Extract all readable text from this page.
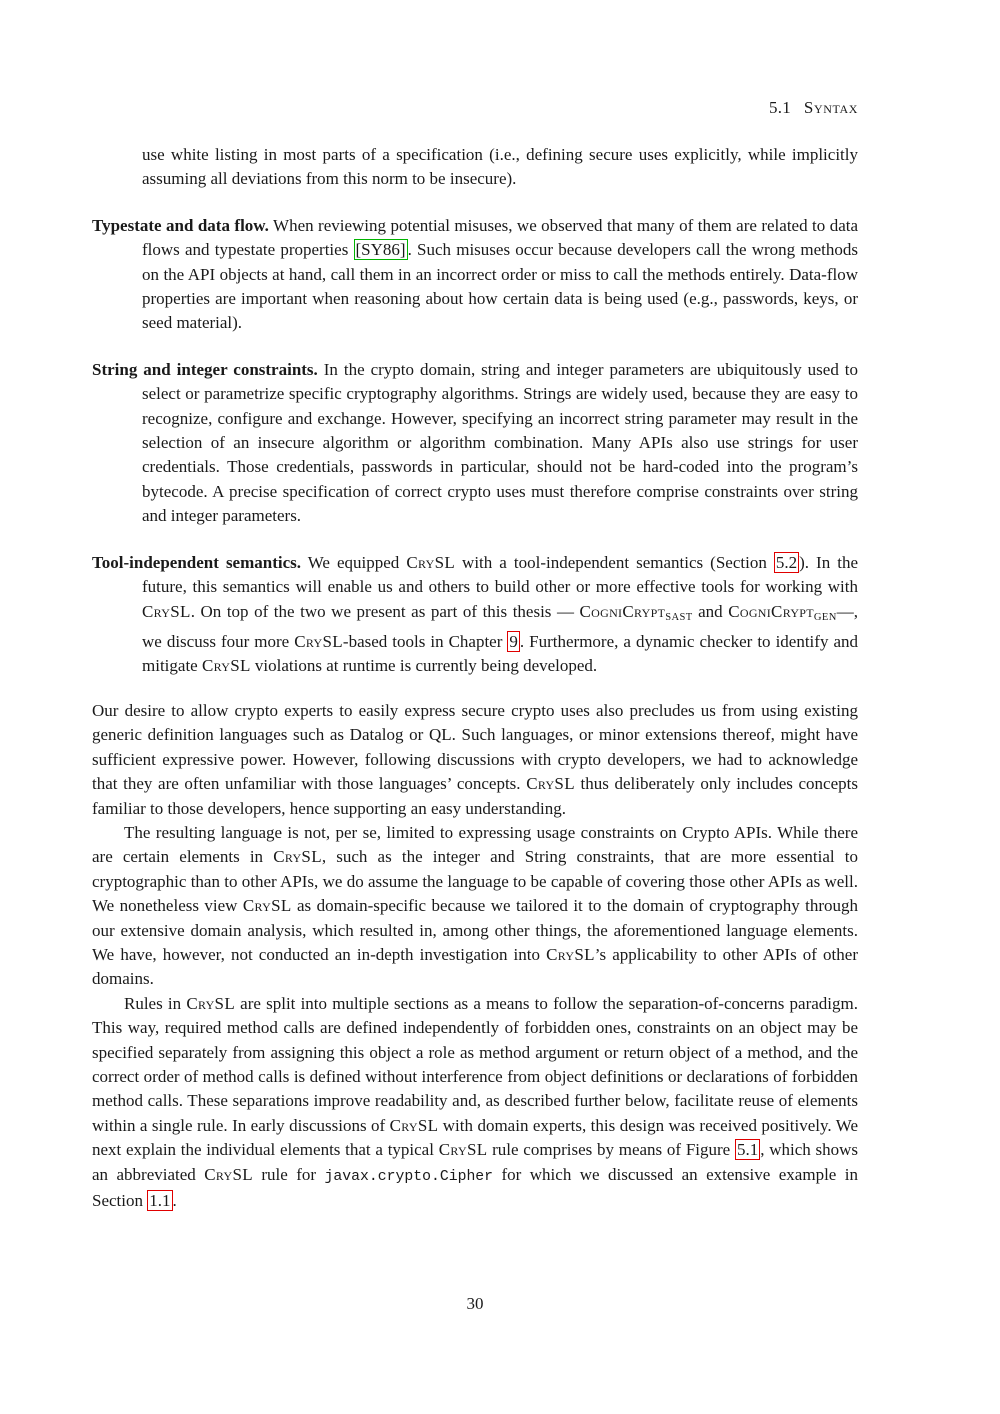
5.1 Syntax

use white listing in most parts of a specification (i.e., defining secure uses explicitly, while implicitly assuming all deviations from this norm to be insecure).

Typestate and data flow. When reviewing potential misuses, we observed that many of them are related to data flows and typestate properties [SY86] . Such misuses occur because developers call the wrong methods on the API objects at hand, call them in an incorrect order or miss to call the methods entirely. Data-flow properties are important when reasoning about how certain data is being used (e.g., passwords, keys, or seed material).

String and integer constraints. In the crypto domain, string and integer parameters are ubiquitously used to select or parametrize specific cryptography algorithms. Strings are widely used, because they are easy to recognize, configure and exchange. However, specifying an incorrect string parameter may result in the selection of an insecure algorithm or algorithm combination. Many APIs also use strings for user credentials. Those credentials, passwords in particular, should not be hard-coded into the program’s bytecode. A precise specification of correct crypto uses must therefore comprise constraints over string and integer parameters.

Tool-independent semantics. We equipped CrySL with a tool-independent semantics (Section 5.2 ). In the future, this semantics will enable us and others to build other or more effective tools for working with CrySL. On top of the two we present as part of this thesis — CogniCryptSAST and CogniCryptGEN—, we discuss four more CrySL-based tools in Chapter 9 . Furthermore, a dynamic checker to identify and mitigate CrySL violations at runtime is currently being developed.

Our desire to allow crypto experts to easily express secure crypto uses also precludes us from using existing generic definition languages such as Datalog or QL. Such languages, or minor extensions thereof, might have sufficient expressive power. However, following discussions with crypto developers, we had to acknowledge that they are often unfamiliar with those languages’ concepts. CrySL thus deliberately only includes concepts familiar to those developers, hence supporting an easy understanding.

The resulting language is not, per se, limited to expressing usage constraints on Crypto APIs. While there are certain elements in CrySL, such as the integer and String constraints, that are more essential to cryptographic than to other APIs, we do assume the language to be capable of covering those other APIs as well. We nonetheless view CrySL as domain-specific because we tailored it to the domain of cryptography through our extensive domain analysis, which resulted in, among other things, the aforementioned language elements. We have, however, not conducted an in-depth investigation into CrySL’s applicability to other APIs of other domains.

Rules in CrySL are split into multiple sections as a means to follow the separation-of-concerns paradigm. This way, required method calls are defined independently of forbidden ones, constraints on an object may be specified separately from assigning this object a role as method argument or return object of a method, and the correct order of method calls is defined without interference from object definitions or declarations of forbidden method calls. These separations improve readability and, as described further below, facilitate reuse of elements within a single rule. In early discussions of CrySL with domain experts, this design was received positively. We next explain the individual elements that a typical CrySL rule comprises by means of Figure 5.1 , which shows an abbreviated CrySL rule for javax.crypto.Cipher for which we discussed an extensive example in Section 1.1 .

30
